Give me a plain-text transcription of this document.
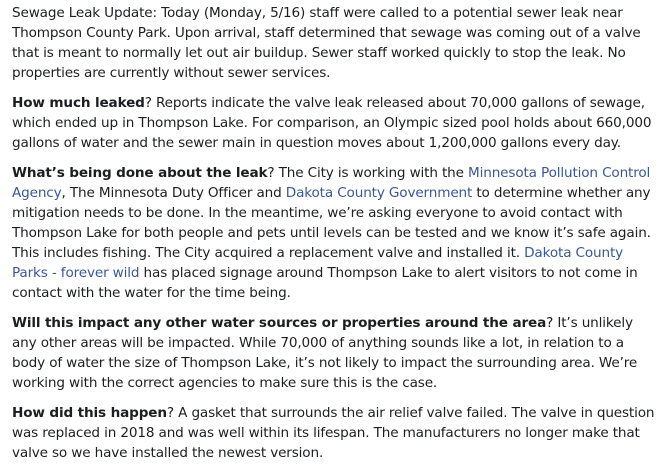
Sewage Leak Update: Today (Monday, 5/16) staff were called to a potential sewer leak near Thompson County Park. Upon arrival, staff determined that sewage was coming out of a valve that is meant to normally let out air buildup. Sewer staff worked quickly to stop the leak. No properties are currently without sewer services.

How much leaked? Reports indicate the valve leak released about 70,000 gallons of sewage, which ended up in Thompson Lake. For comparison, an Olympic sized pool holds about 660,000 gallons of water and the sewer main in question moves about 1,200,000 gallons every day.

What’s being done about the leak? The City is working with the Minnesota Pollution Control Agency, The Minnesota Duty Officer and Dakota County Government to determine whether any mitigation needs to be done. In the meantime, we’re asking everyone to avoid contact with Thompson Lake for both people and pets until levels can be tested and we know it’s safe again. This includes fishing. The City acquired a replacement valve and installed it. Dakota County Parks - forever wild has placed signage around Thompson Lake to alert visitors to not come in contact with the water for the time being.

Will this impact any other water sources or properties around the area? It’s unlikely any other areas will be impacted. While 70,000 of anything sounds like a lot, in relation to a body of water the size of Thompson Lake, it’s not likely to impact the surrounding area. We’re working with the correct agencies to make sure this is the case.

How did this happen? A gasket that surrounds the air relief valve failed. The valve in question was replaced in 2018 and was well within its lifespan. The manufacturers no longer make that valve so we have installed the newest version.
